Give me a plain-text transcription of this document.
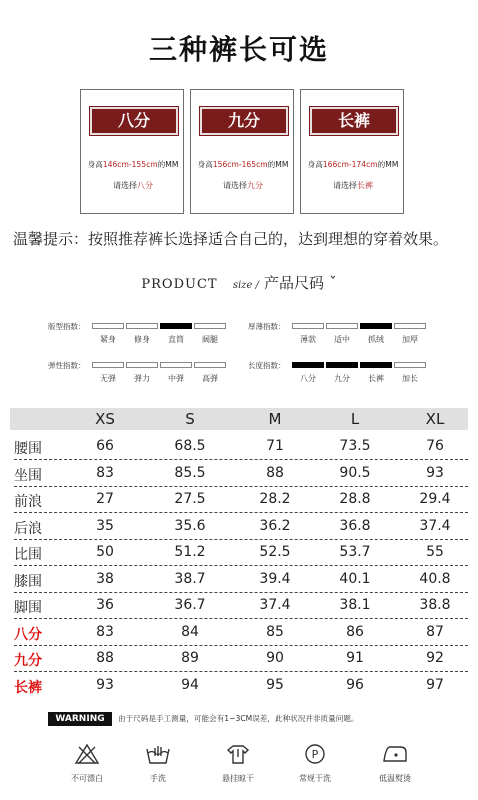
三种裤长可选
八分
身高146cm-155cm的MM
请选择八分
九分
身高156cm-165cm的MM
请选择九分
长裤
身高166cm-174cm的MM
请选择长裤
温馨提示：按照推荐裤长选择适合自己的，达到理想的穿着效果。
PRODUCT size / 产品尺码 ˇ
版型指数：
紧身	修身	直筒	阔腿
厚薄指数：
薄款	适中	抓绒	加厚
弹性指数：
无弹	弹力	中弹	高弹
长度指数：
八分	九分	长裤	加长
XS	S	M	L	XL
腰围	66	68.5	71	73.5	76
坐围	83	85.5	88	90.5	93
前浪	27	27.5	28.2	28.8	29.4
后浪	35	35.6	36.2	36.8	37.4
比围	50	51.2	52.5	53.7	55
膝围	38	38.7	39.4	40.1	40.8
脚围	36	36.7	37.4	38.1	38.8
八分	83	84	85	86	87
九分	88	89	90	91	92
长裤	93	94	95	96	97
WARNING	由于尺码是手工测量，可能会有1~3CM误差，此种状况并非质量问题。
不可漂白	手洗	悬挂晾干
P
常规干洗	低温熨烫
